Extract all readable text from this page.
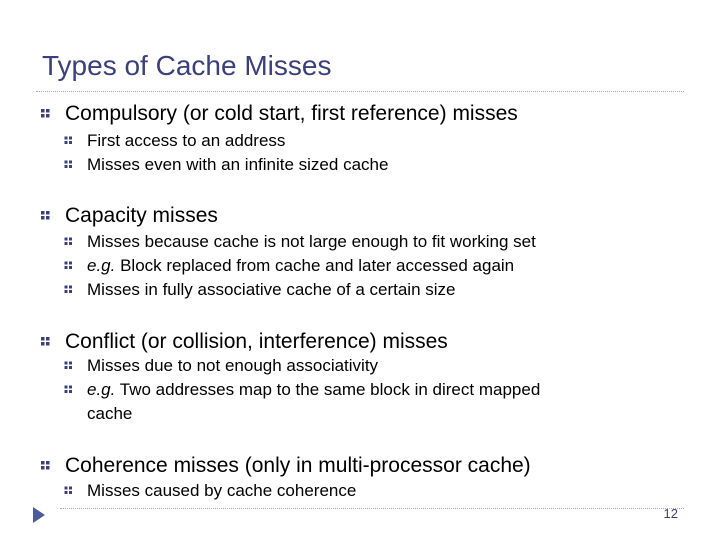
Types of Cache Misses
Compulsory (or cold start, first reference) misses
First access to an address
Misses even with an infinite sized cache
Capacity misses
Misses because cache is not large enough to fit working set
e.g. Block replaced from cache and later accessed again
Misses in fully associative cache of a certain size
Conflict (or collision, interference) misses
Misses due to not enough associativity
e.g. Two addresses map to the same block in direct mapped
cache
Coherence misses (only in multi-processor cache)
Misses caused by cache coherence
12
